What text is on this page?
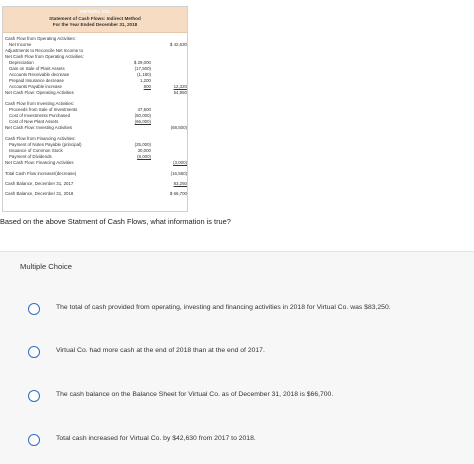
VIRTUAL CO.
Statement of Cash Flows: Indirect Method
For the Year Ended December 31, 2018
Cash Flow from Operating Activities:
Net Income	$ 42,630
Adjustments to Reconcile Net Income to
Net Cash Flow from Operating Activities:
Depreciation	$ 29,000
Gain on Sale of Plant Assets	(17,500)
Accounts Receivable decrease	(1,180)
Prepaid Insurance decrease	1,200
Accounts Payable increase	800	12,320
Net Cash Flow: Operating Activities	54,950
Cash Flow from Investing Activities:
Proceeds from Sale of Investments	47,500
Cost of Investments Purchased	(50,000)
Cost of New Plant Assets	(66,000)
Net Cash Flow: Investing Activities	(68,500)
Cash Flow from Financing Activities:
Payment of Notes Payable (principal)	(25,000)
Issuance of Common Stock	30,000
Payment of Dividends	(8,000)
Net Cash Flow: Financing Activities	(3,000)
Total Cash Flow increase/(decrease)	(16,550)
Cash Balance, December 31, 2017	83,250
Cash Balance, December 31, 2018	$ 66,700
Based on the above Statment of Cash Flows, what information is true?
Multiple Choice
The total of cash provided from operating, investing and financing activities in 2018 for Virtual Co. was $83,250.
Virtual Co. had more cash at the end of 2018 than at the end of 2017.
The cash balance on the Balance Sheet for Virtual Co. as of December 31, 2018 is $66,700.
Total cash increased for Virtual Co. by $42,630 from 2017 to 2018.
